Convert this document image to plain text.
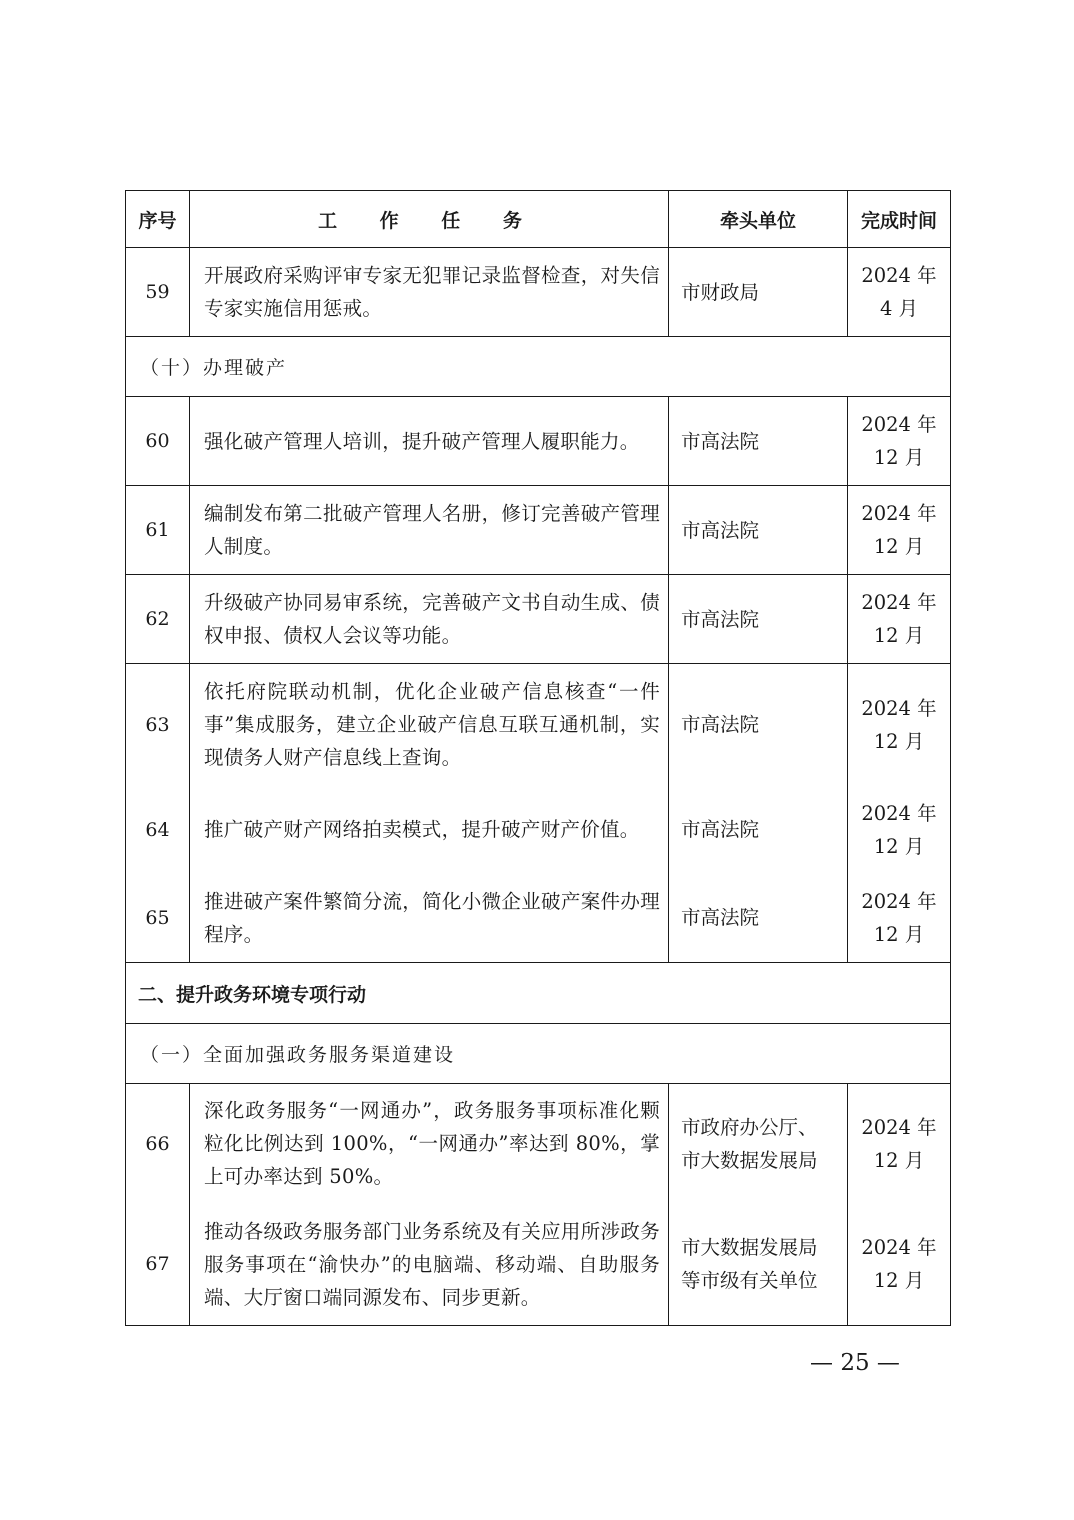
序号	工 作 任 务	牵头单位	完成时间
59	开展政府采购评审专家无犯罪记录监督检查，对失信专家实施信用惩戒。	市财政局	2024 年
4 月
（十）办理破产			
60	强化破产管理人培训，提升破产管理人履职能力。	市高法院	2024 年
12 月
61	编制发布第二批破产管理人名册，修订完善破产管理人制度。	市高法院	2024 年
12 月
62	升级破产协同易审系统，完善破产文书自动生成、债权申报、债权人会议等功能。	市高法院	2024 年
12 月
63	依托府院联动机制，优化企业破产信息核查“一件事”集成服务，建立企业破产信息互联互通机制，实现债务人财产信息线上查询。	市高法院	2024 年
12 月
64	推广破产财产网络拍卖模式，提升破产财产价值。	市高法院	2024 年
12 月
65	推进破产案件繁简分流，简化小微企业破产案件办理程序。	市高法院	2024 年
12 月
二、提升政务环境专项行动			
（一）全面加强政务服务渠道建设			
66	深化政务服务“一网通办”，政务服务事项标准化颗粒化比例达到 100%，“一网通办”率达到 80%，掌上可办率达到 50%。	市政府办公厅、
市大数据发展局	2024 年
12 月
67	推动各级政务服务部门业务系统及有关应用所涉政务服务事项在“渝快办”的电脑端、移动端、自助服务端、大厅窗口端同源发布、同步更新。	市大数据发展局
等市级有关单位	2024 年
12 月
— 25 —
